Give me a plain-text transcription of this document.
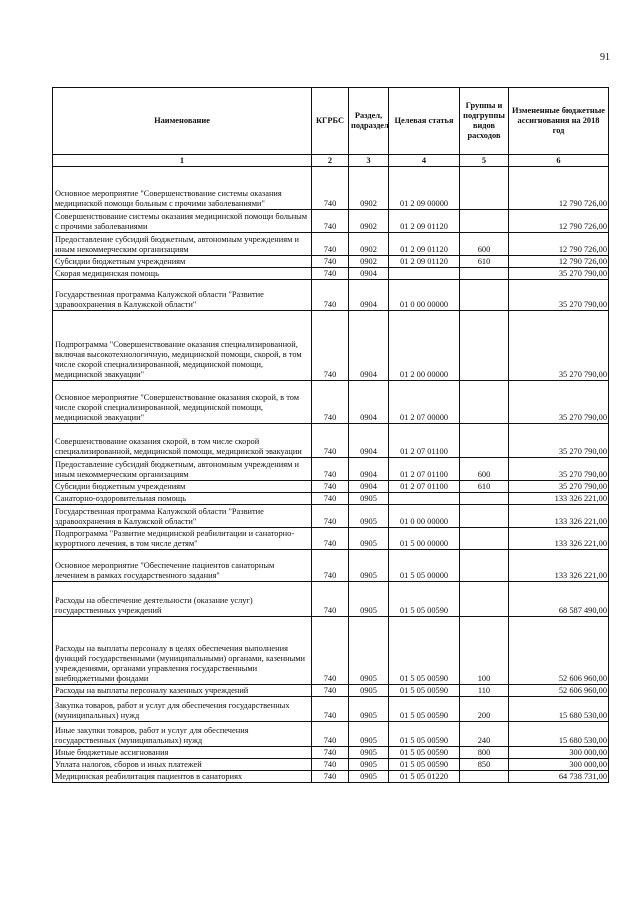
91
Наименование	КГРБС	Раздел, подраздел	Целевая статья	Группы и подгруппы видов расходов	Измененные бюджетные ассигнования на 2018 год
1	2	3	4	5	6
Основное мероприятие "Совершенствование системы оказания медицинской помощи больным с прочими заболеваниями"	740	0902	01 2 09 00000		12 790 726,00
Совершенствование системы оказания медицинской помощи больным с прочими заболеваниями	740	0902	01 2 09 01120		12 790 726,00
Предоставление субсидий бюджетным, автономным учреждениям и иным некоммерческим организациям	740	0902	01 2 09 01120	600	12 790 726,00
Субсидии бюджетным учреждениям	740	0902	01 2 09 01120	610	12 790 726,00
Скорая медицинская помощь	740	0904			35 270 790,00
Государственная программа Калужской области "Развитие здравоохранения в Калужской области"	740	0904	01 0 00 00000		35 270 790,00
Подпрограмма "Совершенствование оказания специализированной, включая высокотехнологичную, медицинской помощи, скорой, в том числе скорой специализированной, медицинской помощи, медицинской эвакуации"	740	0904	01 2 00 00000		35 270 790,00
Основное мероприятие "Совершенствование оказания скорой, в том числе скорой специализированной, медицинской помощи, медицинской эвакуации"	740	0904	01 2 07 00000		35 270 790,00
Совершенствование оказания скорой, в том числе скорой специализированной, медицинской помощи, медицинской эвакуации	740	0904	01 2 07 01100		35 270 790,00
Предоставление субсидий бюджетным, автономным учреждениям и иным некоммерческим организациям	740	0904	01 2 07 01100	600	35 270 790,00
Субсидии бюджетным учреждениям	740	0904	01 2 07 01100	610	35 270 790,00
Санаторно-оздоровительная помощь	740	0905			133 326 221,00
Государственная программа Калужской области "Развитие здравоохранения в Калужской области"	740	0905	01 0 00 00000		133 326 221,00
Подпрограмма "Развитие медицинской реабилитации и санаторно-курортного лечения, в том числе детям"	740	0905	01 5 00 00000		133 326 221,00
Основное мероприятие "Обеспечение пациентов санаторным лечением в рамках государственного задания"	740	0905	01 5 05 00000		133 326 221,00
Расходы на обеспечение деятельности (оказание услуг) государственных учреждений	740	0905	01 5 05 00590		68 587 490,00
Расходы на выплаты персоналу в целях обеспечения выполнения функций государственными (муниципальными) органами, казенными учреждениями, органами управления государственными внебюджетными фондами	740	0905	01 5 05 00590	100	52 606 960,00
Расходы на выплаты персоналу казенных учреждений	740	0905	01 5 05 00590	110	52 606 960,00
Закупка товаров, работ и услуг для обеспечения государственных (муниципальных) нужд	740	0905	01 5 05 00590	200	15 680 530,00
Иные закупки товаров, работ и услуг для обеспечения государственных (муниципальных) нужд	740	0905	01 5 05 00590	240	15 680 530,00
Иные бюджетные ассигнования	740	0905	01 5 05 00590	800	300 000,00
Уплата налогов, сборов и иных платежей	740	0905	01 5 05 00590	850	300 000,00
Медицинская реабилитация пациентов в санаториях	740	0905	01 5 05 01220		64 738 731,00
